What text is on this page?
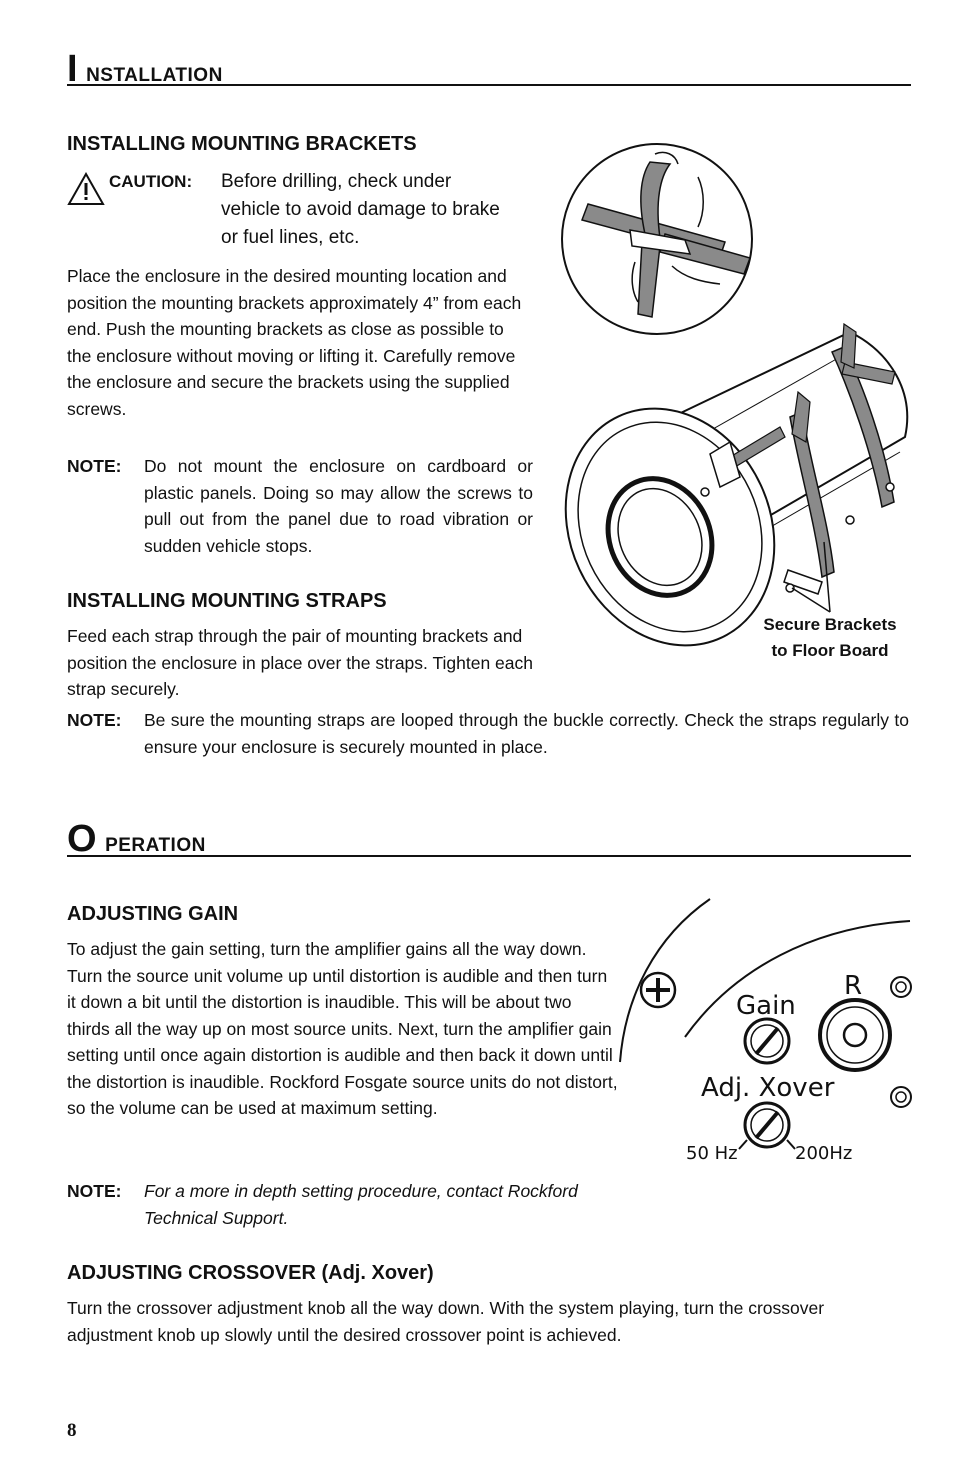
I nstallation
INSTALLING MOUNTING BRACKETS
CAUTION:	Before drilling, check under vehicle to avoid damage to brake or fuel lines, etc.

Place the enclosure in the desired mounting location and position the mounting brackets approximately 4” from each end. Push the mounting brackets as close as possible to the enclosure without moving or lifting it. Carefully remove the enclosure and secure the brackets using the supplied screws.

NOTE:	Do not mount the enclosure on cardboard or plastic panels. Doing so may allow the screws to pull out from the panel due to road vibration or sudden vehicle stops.
INSTALLING MOUNTING STRAPS

Feed each strap through the pair of mounting brackets and position the enclosure in place over the straps. Tighten each strap securely.

NOTE:	Be sure the mounting straps are looped through the buckle correctly. Check the straps regularly to ensure your enclosure is securely mounted in place.
Secure Brackets
to Floor Board
O peration
ADJUSTING GAIN

To adjust the gain setting, turn the amplifier gains all the way down. Turn the source unit volume up until distortion is audible and then turn it down a bit until the distortion is inaudible. This will be about two thirds all the way up on most source units. Next, turn the amplifier gain setting until once again distortion is audible and then back it down until the distortion is inaudible. Rockford Fosgate source units do not distort, so the volume can be used at maximum setting.

NOTE:	For a more in depth setting procedure, contact Rockford Technical Support.
Gain
R
Adj. Xover
50 Hz	200Hz
ADJUSTING CROSSOVER (Adj. Xover)

Turn the crossover adjustment knob all the way down. With the system playing, turn the crossover adjustment knob up slowly until the desired crossover point is achieved.

8
